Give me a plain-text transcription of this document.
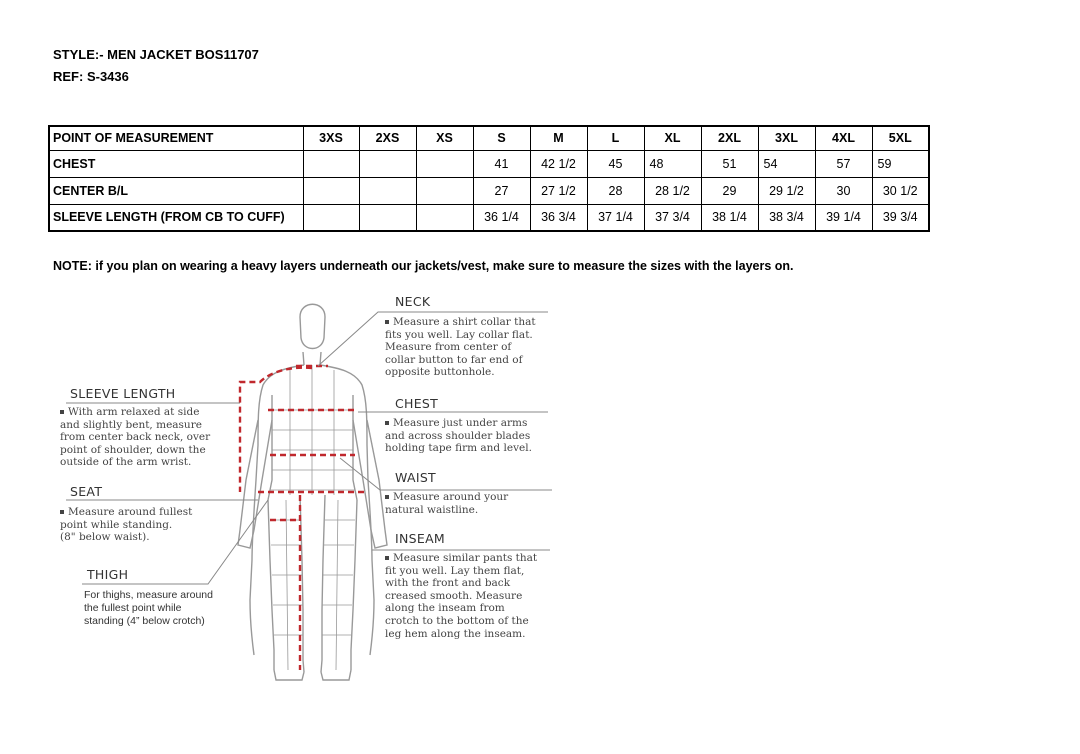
STYLE:- MEN JACKET BOS11707
REF: S-3436
POINT OF MEASUREMENT	3XS	2XS	XS	S	M	L	XL	2XL	3XL	4XL	5XL
CHEST				41	42 1/2	45	48	51	54	57	59
CENTER B/L				27	27 1/2	28	28 1/2	29	29 1/2	30	30 1/2
SLEEVE LENGTH (FROM CB TO CUFF)				36 1/4	36 3/4	37 1/4	37 3/4	38 1/4	38 3/4	39 1/4	39 3/4
NOTE: if you plan on wearing a heavy layers underneath our jackets/vest, make sure to measure the sizes with the layers on.
NECK
Measure a shirt collar that
fits you well. Lay collar flat.
Measure from center of
collar button to far end of
opposite buttonhole.
CHEST
Measure just under arms
and across shoulder blades
holding tape firm and level.
WAIST
Measure around your
natural waistline.
INSEAM
Measure similar pants that
fit you well. Lay them flat,
with the front and back
creased smooth. Measure
along the inseam from
crotch to the bottom of the
leg hem along the inseam.
SLEEVE LENGTH
With arm relaxed at side
and slightly bent, measure
from center back neck, over
point of shoulder, down the
outside of the arm wrist.
SEAT
Measure around fullest
point while standing.
(8" below waist).
THIGH
For thighs, measure around
the fullest point while
standing (4” below crotch)
